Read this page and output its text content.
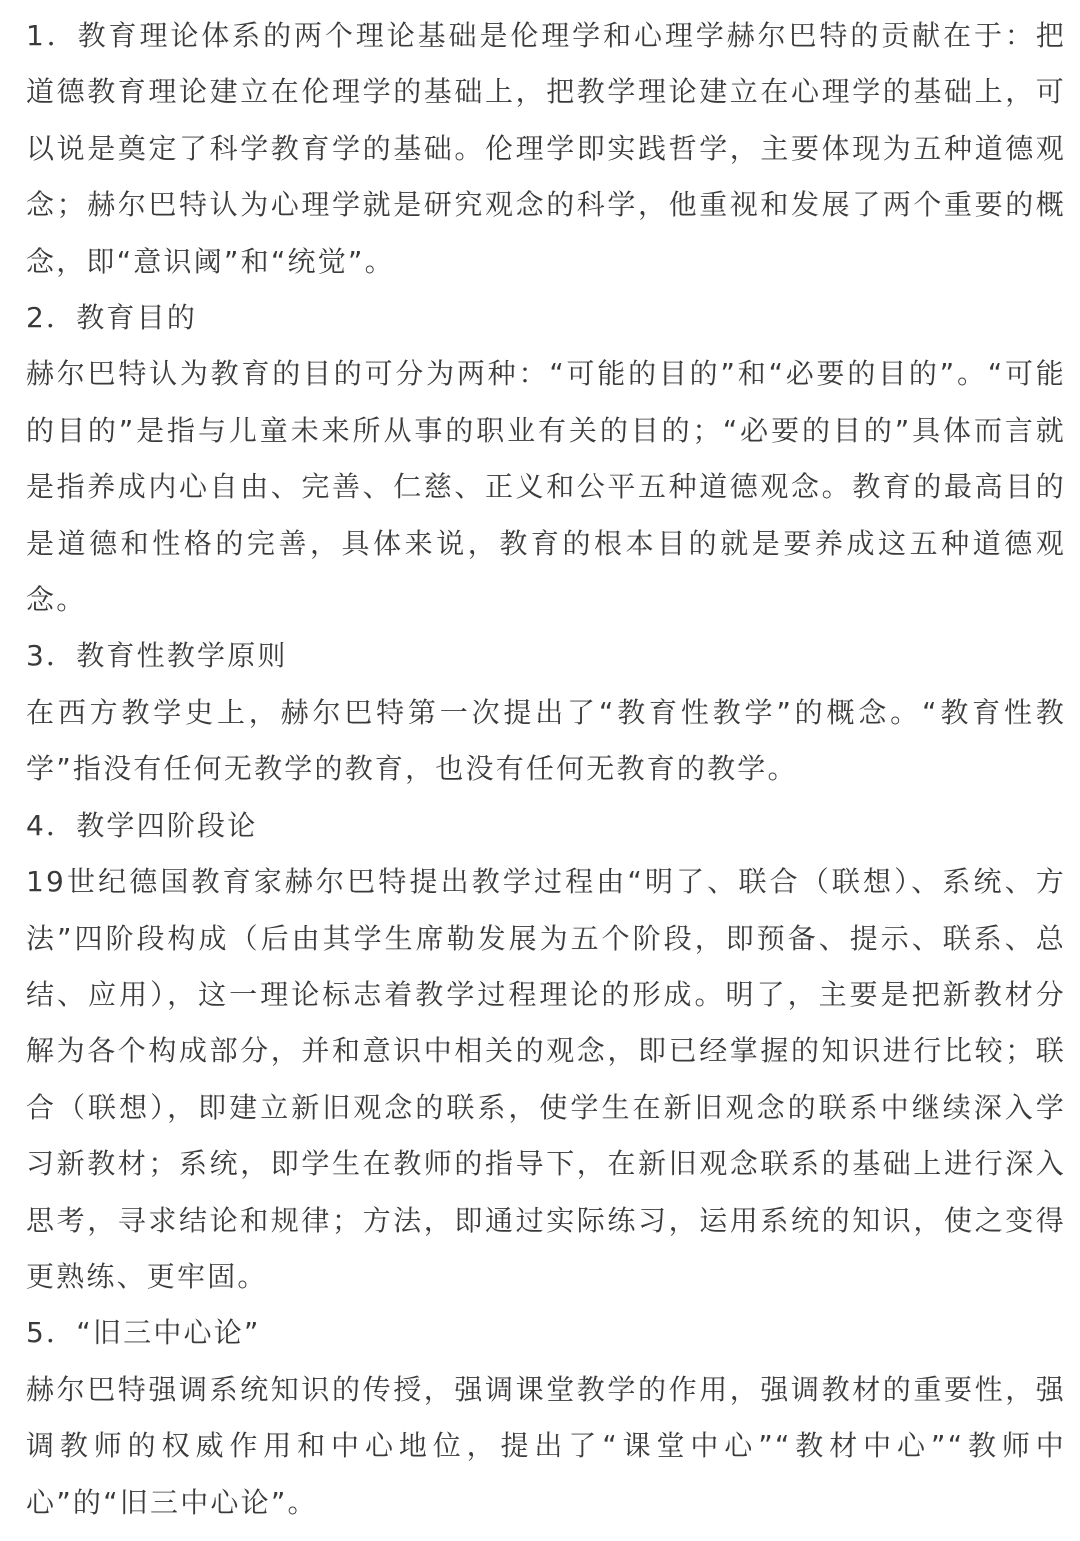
1．教育理论体系的两个理论基础是伦理学和心理学赫尔巴特的贡献在于：把道德教育理论建立在伦理学的基础上，把教学理论建立在心理学的基础上，可以说是奠定了科学教育学的基础。伦理学即实践哲学，主要体现为五种道德观念；赫尔巴特认为心理学就是研究观念的科学，他重视和发展了两个重要的概念，即“意识阈”和“统觉”。

2．教育目的

赫尔巴特认为教育的目的可分为两种：“可能的目的”和“必要的目的”。“可能的目的”是指与儿童未来所从事的职业有关的目的；“必要的目的”具体而言就是指养成内心自由、完善、仁慈、正义和公平五种道德观念。教育的最高目的是道德和性格的完善，具体来说，教育的根本目的就是要养成这五种道德观念。

3．教育性教学原则

在西方教学史上，赫尔巴特第一次提出了“教育性教学”的概念。“教育性教学”指没有任何无教学的教育，也没有任何无教育的教学。

4．教学四阶段论

19世纪德国教育家赫尔巴特提出教学过程由“明了、联合（联想）、系统、方法”四阶段构成（后由其学生席勒发展为五个阶段，即预备、提示、联系、总结、应用），这一理论标志着教学过程理论的形成。明了，主要是把新教材分解为各个构成部分，并和意识中相关的观念，即已经掌握的知识进行比较；联合（联想），即建立新旧观念的联系，使学生在新旧观念的联系中继续深入学习新教材；系统，即学生在教师的指导下，在新旧观念联系的基础上进行深入思考，寻求结论和规律；方法，即通过实际练习，运用系统的知识，使之变得更熟练、更牢固。

5．“旧三中心论”

赫尔巴特强调系统知识的传授，强调课堂教学的作用，强调教材的重要性，强调教师的权威作用和中心地位，提出了“课堂中心”“教材中心”“教师中心”的“旧三中心论”。
